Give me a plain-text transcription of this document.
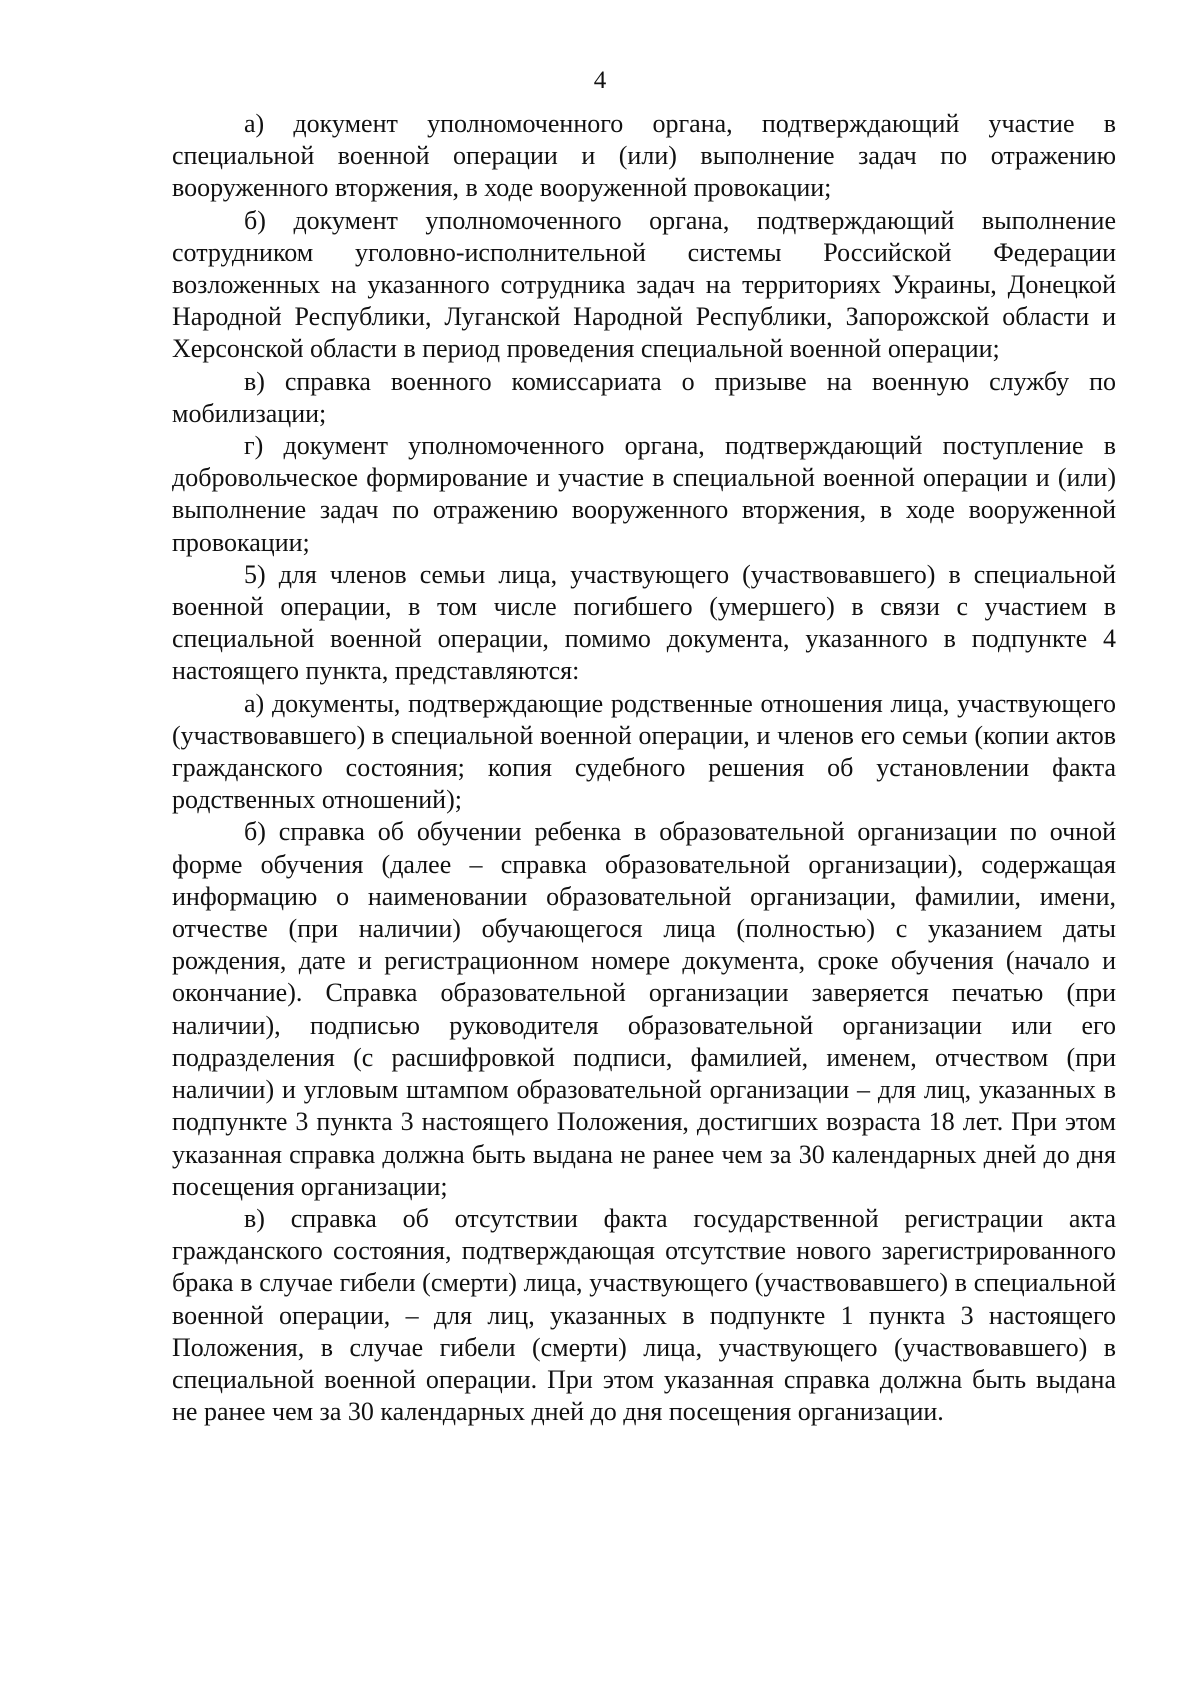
4

а) документ уполномоченного органа, подтверждающий участие в специальной военной операции и (или) выполнение задач по отражению вооруженного вторжения, в ходе вооруженной провокации;

б) документ уполномоченного органа, подтверждающий выполнение сотрудником уголовно-исполнительной системы Российской Федерации возложенных на указанного сотрудника задач на территориях Украины, Донецкой Народной Республики, Луганской Народной Республики, Запорожской области и Херсонской области в период проведения специальной военной операции;

в) справка военного комиссариата о призыве на военную службу по мобилизации;

г) документ уполномоченного органа, подтверждающий поступление в добровольческое формирование и участие в специальной военной операции и (или) выполнение задач по отражению вооруженного вторжения, в ходе вооруженной провокации;

5) для членов семьи лица, участвующего (участвовавшего) в специальной военной операции, в том числе погибшего (умершего) в связи с участием в специальной военной операции, помимо документа, указанного в подпункте 4 настоящего пункта, представляются:

а) документы, подтверждающие родственные отношения лица, участвующего (участвовавшего) в специальной военной операции, и членов его семьи (копии актов гражданского состояния; копия судебного решения об установлении факта родственных отношений);

б) справка об обучении ребенка в образовательной организации по очной форме обучения (далее – справка образовательной организации), содержащая информацию о наименовании образовательной организации, фамилии, имени, отчестве (при наличии) обучающегося лица (полностью) с указанием даты рождения, дате и регистрационном номере документа, сроке обучения (начало и окончание). Справка образовательной организации заверяется печатью (при наличии), подписью руководителя образовательной организации или его подразделения (с расшифровкой подписи, фамилией, именем, отчеством (при наличии) и угловым штампом образовательной организации – для лиц, указанных в подпункте 3 пункта 3 настоящего Положения, достигших возраста 18 лет. При этом указанная справка должна быть выдана не ранее чем за 30 календарных дней до дня посещения организации;

в) справка об отсутствии факта государственной регистрации акта гражданского состояния, подтверждающая отсутствие нового зарегистрированного брака в случае гибели (смерти) лица, участвующего (участвовавшего) в специальной военной операции, – для лиц, указанных в подпункте 1 пункта 3 настоящего Положения, в случае гибели (смерти) лица, участвующего (участвовавшего) в специальной военной операции. При этом указанная справка должна быть выдана не ранее чем за 30 календарных дней до дня посещения организации.
